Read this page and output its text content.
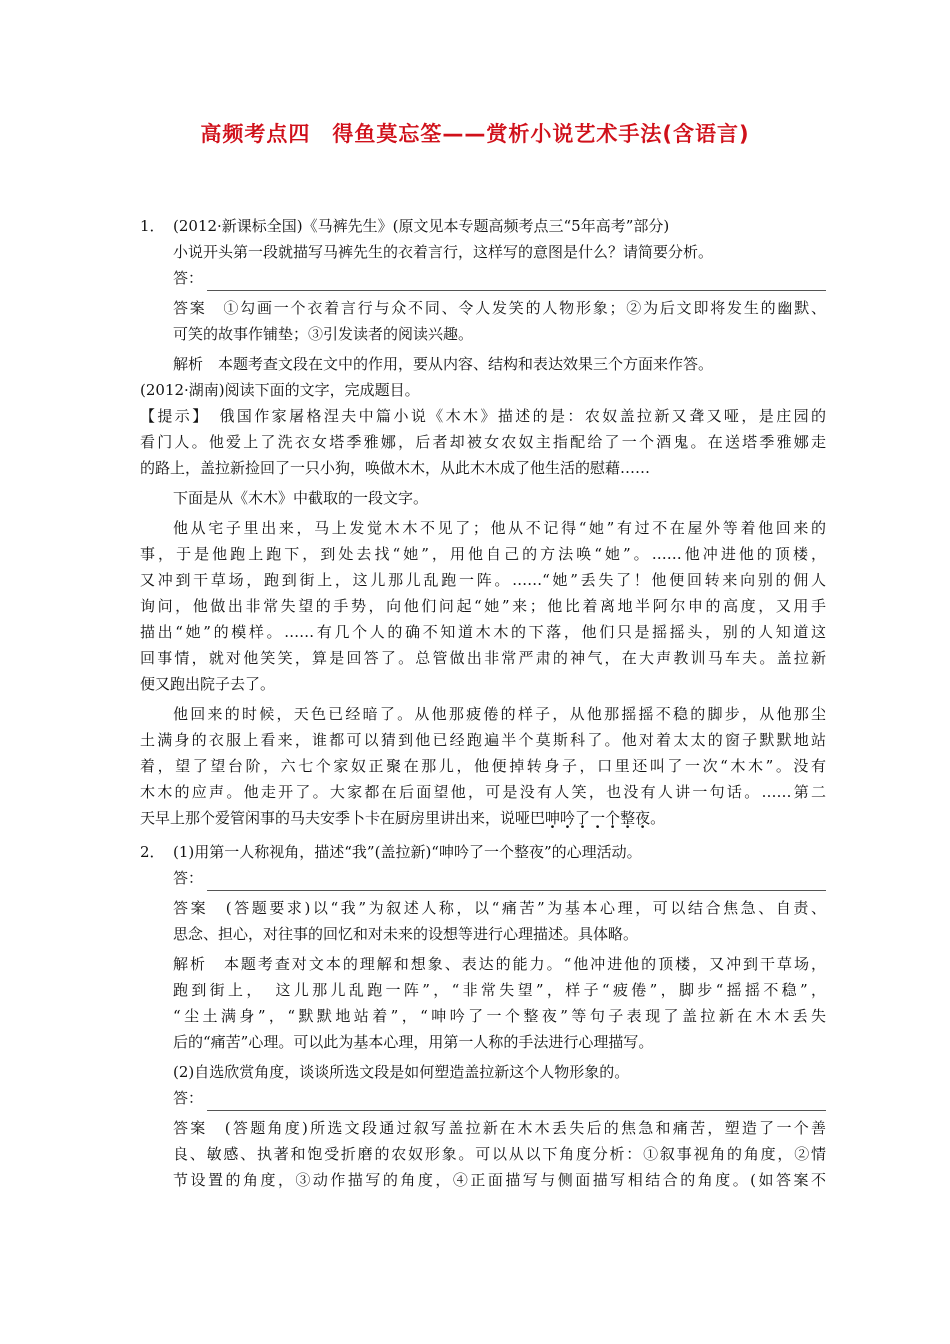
高频考点四　得鱼莫忘筌——赏析小说艺术手法(含语言)
1． (2012·新课标全国)《马裤先生》(原文见本专题高频考点三“5年高考”部分)
小说开头第一段就描写马裤先生的衣着言行，这样写的意图是什么？请简要分析。
答：
答案　①勾画一个衣着言行与众不同、令人发笑的人物形象；②为后文即将发生的幽默、
可笑的故事作铺垫；③引发读者的阅读兴趣。
解析　本题考查文段在文中的作用，要从内容、结构和表达效果三个方面来作答。
(2012·湖南)阅读下面的文字，完成题目。
【提示】　俄国作家屠格涅夫中篇小说《木木》描述的是：农奴盖拉新又聋又哑，是庄园的
看门人。他爱上了洗衣女塔季雅娜，后者却被女农奴主指配给了一个酒鬼。在送塔季雅娜走
的路上，盖拉新捡回了一只小狗，唤做木木，从此木木成了他生活的慰藉……
下面是从《木木》中截取的一段文字。
他从宅子里出来，马上发觉木木不见了；他从不记得“她”有过不在屋外等着他回来的
事，于是他跑上跑下，到处去找“她”，用他自己的方法唤“她”。……他冲进他的顶楼，
又冲到干草场，跑到街上，这儿那儿乱跑一阵。……“她”丢失了！他便回转来向别的佣人
询问，他做出非常失望的手势，向他们问起“她”来；他比着离地半阿尔申的高度，又用手
描出“她”的模样。……有几个人的确不知道木木的下落，他们只是摇摇头，别的人知道这
回事情，就对他笑笑，算是回答了。总管做出非常严肃的神气，在大声教训马车夫。盖拉新
便又跑出院子去了。
他回来的时候，天色已经暗了。从他那疲倦的样子，从他那摇摇不稳的脚步，从他那尘
土满身的衣服上看来，谁都可以猜到他已经跑遍半个莫斯科了。他对着太太的窗子默默地站
着，望了望台阶，六七个家奴正聚在那儿，他便掉转身子，口里还叫了一次“木木”。没有
木木的应声。他走开了。大家都在后面望他，可是没有人笑，也没有人讲一句话。……第二
天早上那个爱管闲事的马夫安季卜卡在厨房里讲出来，说哑巴呻吟了一个整夜。
2． (1)用第一人称视角，描述“我”(盖拉新)“呻吟了一个整夜”的心理活动。
答：
答案　(答题要求)以“我”为叙述人称，以“痛苦”为基本心理，可以结合焦急、自责、
思念、担心，对往事的回忆和对未来的设想等进行心理描述。具体略。
解析　本题考查对文本的理解和想象、表达的能力。“他冲进他的顶楼，又冲到干草场，
跑到街上，　这儿那儿乱跑一阵”，“非常失望”，样子“疲倦”，脚步“摇摇不稳”，
“尘土满身”，“默默地站着”，“呻吟了一个整夜”等句子表现了盖拉新在木木丢失
后的“痛苦”心理。可以此为基本心理，用第一人称的手法进行心理描写。
(2)自选欣赏角度，谈谈所选文段是如何塑造盖拉新这个人物形象的。
答：
答案　(答题角度)所选文段通过叙写盖拉新在木木丢失后的焦急和痛苦，塑造了一个善
良、敏感、执著和饱受折磨的农奴形象。可以从以下角度分析：①叙事视角的角度，②情
节设置的角度，③动作描写的角度，④正面描写与侧面描写相结合的角度。(如答案不
